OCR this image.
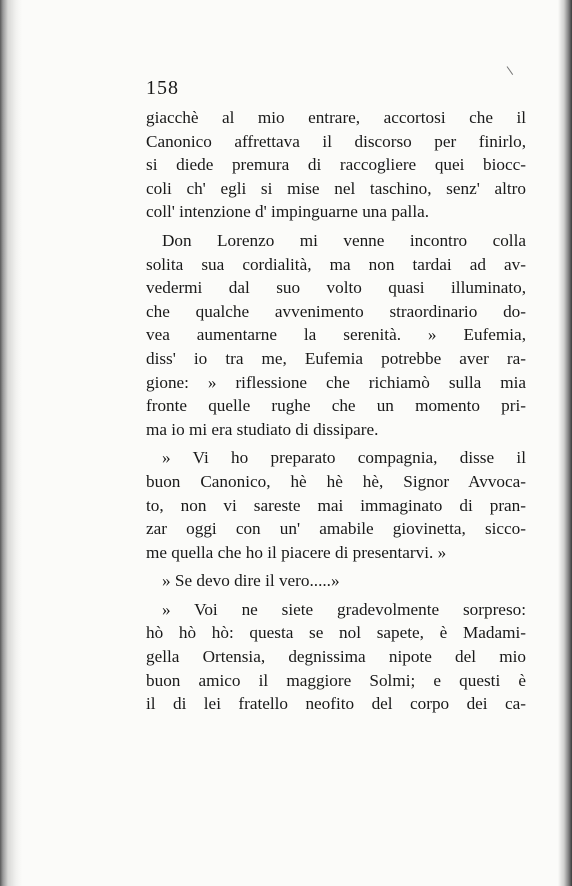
158
giacchè al mio entrare, accortosi che il
Canonico affrettava il discorso per finirlo,
si diede premura di raccogliere quei biocc-
coli ch' egli si mise nel taschino, senz' altro
coll' intenzione d' impinguarne una palla.
Don Lorenzo mi venne incontro colla
solita sua cordialità, ma non tardai ad av-
vedermi dal suo volto quasi illuminato,
che qualche avvenimento straordinario do-
vea aumentarne la serenità. » Eufemia,
diss' io tra me, Eufemia potrebbe aver ra-
gione: » riflessione che richiamò sulla mia
fronte quelle rughe che un momento pri-
ma io mi era studiato di dissipare.
» Vi ho preparato compagnia, disse il
buon Canonico, hè hè hè, Signor Avvoca-
to, non vi sareste mai immaginato di pran-
zar oggi con un' amabile giovinetta, sicco-
me quella che ho il piacere di presentarvi. »
» Se devo dire il vero.....»
» Voi ne siete gradevolmente sorpreso:
hò hò hò: questa se nol sapete, è Madami-
gella Ortensia, degnissima nipote del mio
buon amico il maggiore Solmi; e questi è
il di lei fratello neofito del corpo dei ca-
